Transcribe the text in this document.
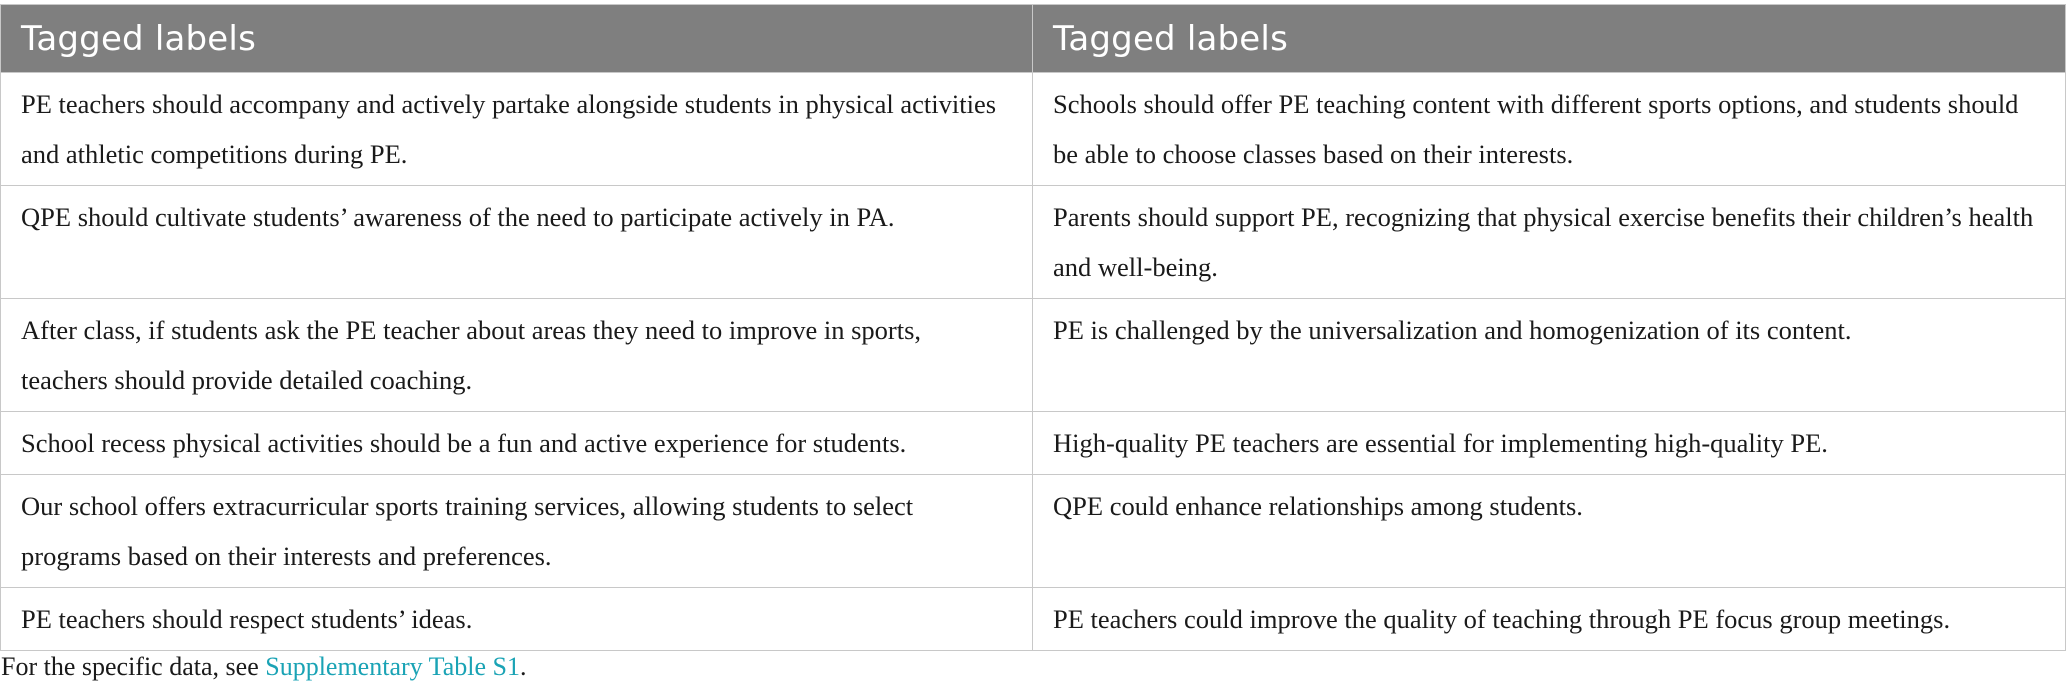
Tagged labels	Tagged labels
PE teachers should accompany and actively partake alongside students in physical activities and athletic competitions during PE.	Schools should offer PE teaching content with different sports options, and students should be able to choose classes based on their interests.
QPE should cultivate students’ awareness of the need to participate actively in PA.	Parents should support PE, recognizing that physical exercise benefits their children’s health and well-being.
After class, if students ask the PE teacher about areas they need to improve in sports, teachers should provide detailed coaching.	PE is challenged by the universalization and homogenization of its content.
School recess physical activities should be a fun and active experience for students.	High-quality PE teachers are essential for implementing high-quality PE.
Our school offers extracurricular sports training services, allowing students to select programs based on their interests and preferences.	QPE could enhance relationships among students.
PE teachers should respect students’ ideas.	PE teachers could improve the quality of teaching through PE focus group meetings.
For the specific data, see Supplementary Table S1.
